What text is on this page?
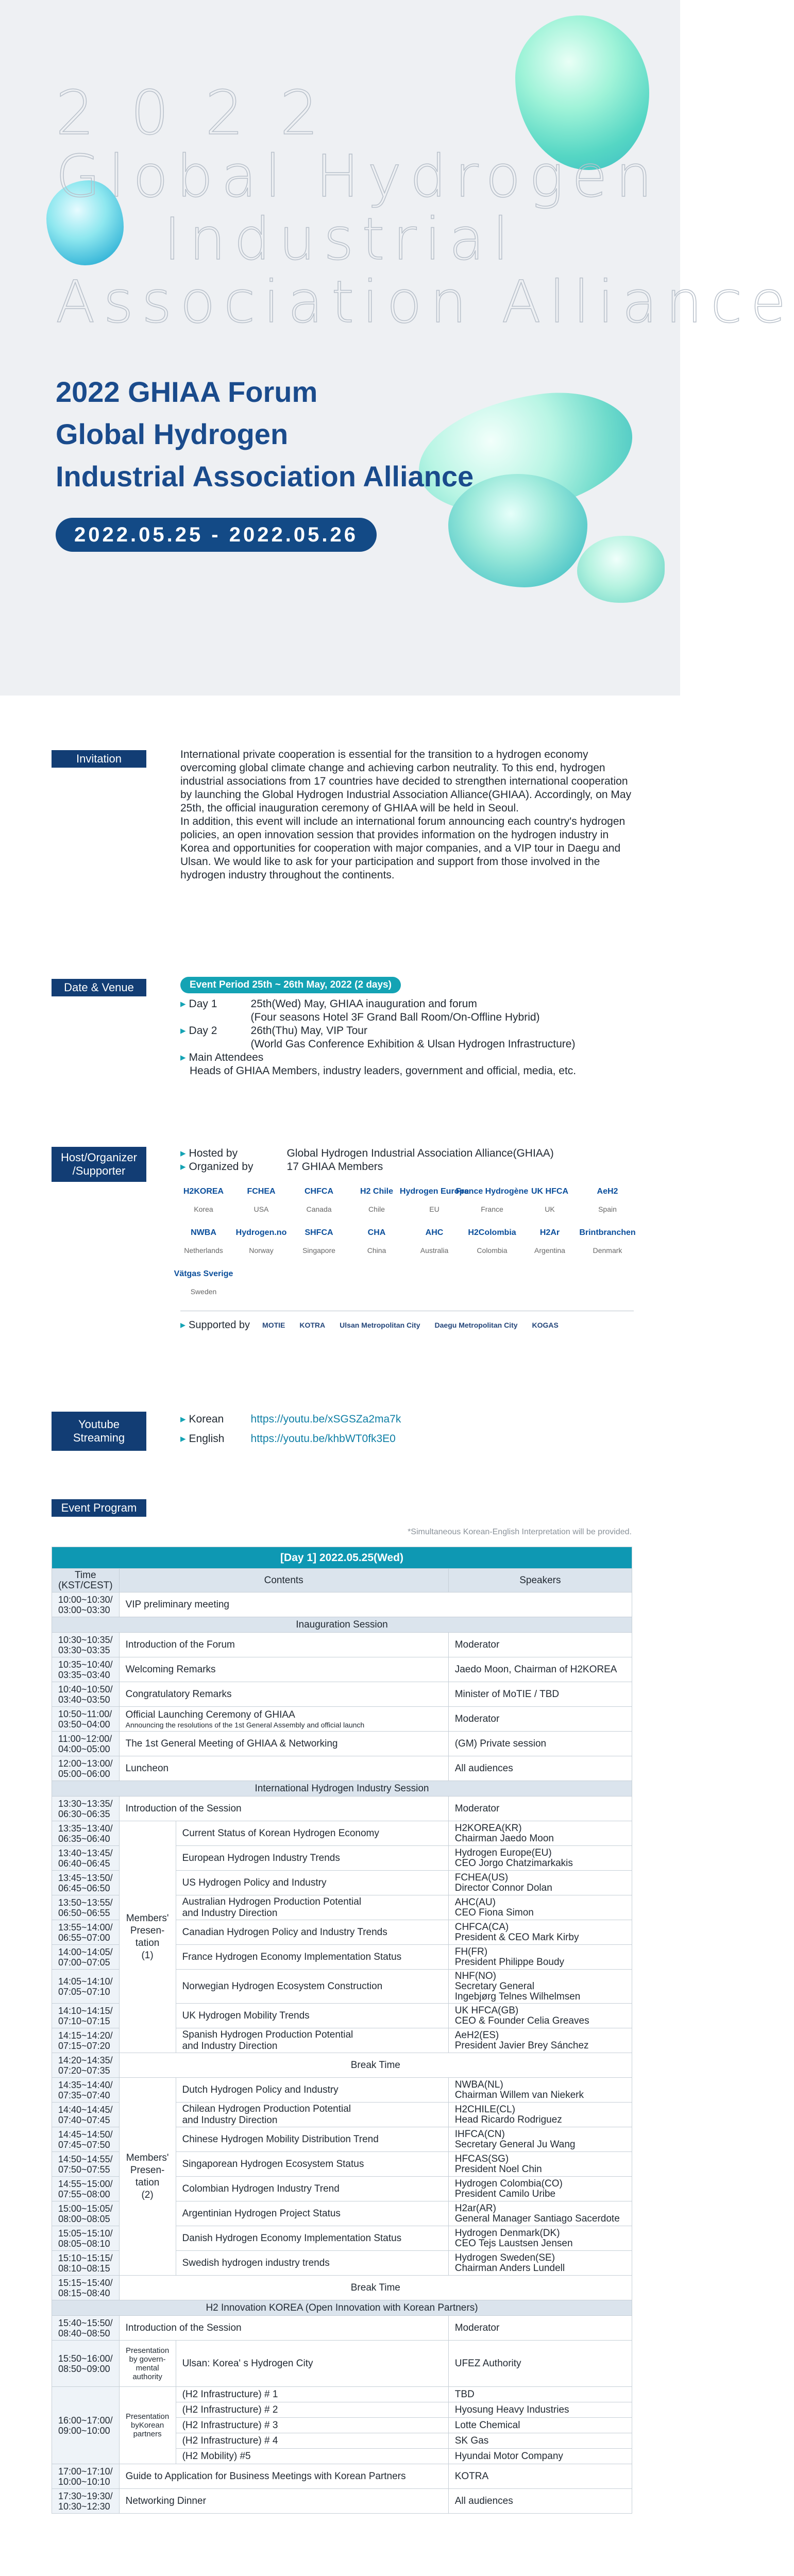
2022
Global Hydrogen
Industrial
Association Alliance
2022 GHIAA Forum
Global Hydrogen
Industrial Association Alliance
2022.05.25 - 2022.05.26
Invitation	International private cooperation is essential for the transition to a hydrogen economy overcoming global climate change and achieving carbon neutrality. To this end, hydrogen industrial associations from 17 countries have decided to strengthen international cooperation by launching the Global Hydrogen Industrial Association Alliance(GHIAA). Accordingly, on May 25th, the official inauguration ceremony of GHIAA will be held in Seoul.

In addition, this event will include an international forum announcing each country's hydrogen policies, an open innovation session that provides information on the hydrogen industry in Korea and opportunities for cooperation with major companies, and a VIP tour in Daegu and Ulsan. We would like to ask for your participation and support from those involved in the hydrogen industry throughout the continents.

Date & Venue	Event Period 25th ~ 26th May, 2022 (2 days)
▸ Day 1	25th(Wed) May, GHIAA inauguration and forum
(Four seasons Hotel 3F Grand Ball Room/On-Offline Hybrid)
▸ Day 2	26th(Thu) May, VIP Tour
(World Gas Conference Exhibition & Ulsan Hydrogen Infrastructure)
▸ Main Attendees
Heads of GHIAA Members, industry leaders, government and official, media, etc.
Host/Organizer
/Supporter
▸ Hosted by	Global Hydrogen Industrial Association Alliance(GHIAA)
▸ Organized by	17 GHIAA Members
H2KOREA
Korea
FCHEA
USA
CHFCA
Canada
H2 Chile
Chile
Hydrogen Europe
EU
France Hydrogène
France
UK HFCA
UK
AeH2
Spain
NWBA
Netherlands
Hydrogen.no
Norway
SHFCA
Singapore
CHA
China
AHC
Australia
H2Colombia
Colombia
H2Ar
Argentina
Brintbranchen
Denmark
Vätgas Sverige
Sweden
▸ Supported by MOTIE KOTRA Ulsan Metropolitan City Daegu Metropolitan City KOGAS
Youtube
Streaming
▸ Korean	https://youtu.be/xSGSZa2ma7k
▸ English	https://youtu.be/khbWT0fk3E0
Event Program
*Simultaneous Korean-English Interpretation will be provided.
[Day 1] 2022.05.25(Wed)			
Time
(KST/CEST)	Contents		Speakers
10:00~10:30/
03:00~03:30	VIP preliminary meeting		
Inauguration Session			
10:30~10:35/
03:30~03:35	Introduction of the Forum		Moderator
10:35~10:40/
03:35~03:40	Welcoming Remarks		Jaedo Moon, Chairman of H2KOREA
10:40~10:50/
03:40~03:50	Congratulatory Remarks		Minister of MoTIE / TBD
10:50~11:00/
03:50~04:00	Official Launching Ceremony of GHIAA
Announcing the resolutions of the 1st General Assembly and official launch		Moderator
11:00~12:00/
04:00~05:00	The 1st General Meeting of GHIAA & Networking		(GM) Private session
12:00~13:00/
05:00~06:00	Luncheon		All audiences
International Hydrogen Industry Session			
13:30~13:35/
06:30~06:35	Introduction of the Session		Moderator
13:35~13:40/
06:35~06:40	Members'
Presen-
tation
(1)	Current Status of Korean Hydrogen Economy	H2KOREA(KR)
Chairman Jaedo Moon
13:40~13:45/
06:40~06:45		European Hydrogen Industry Trends	Hydrogen Europe(EU)
CEO Jorgo Chatzimarkakis
13:45~13:50/
06:45~06:50		US Hydrogen Policy and Industry	FCHEA(US)
Director Connor Dolan
13:50~13:55/
06:50~06:55		Australian Hydrogen Production Potential
and Industry Direction	AHC(AU)
CEO Fiona Simon
13:55~14:00/
06:55~07:00		Canadian Hydrogen Policy and Industry Trends	CHFCA(CA)
President & CEO Mark Kirby
14:00~14:05/
07:00~07:05		France Hydrogen Economy Implementation Status	FH(FR)
President Philippe Boudy
14:05~14:10/
07:05~07:10		Norwegian Hydrogen Ecosystem Construction	NHF(NO)
Secretary General
Ingebjørg Telnes Wilhelmsen
14:10~14:15/
07:10~07:15		UK Hydrogen Mobility Trends	UK HFCA(GB)
CEO & Founder Celia Greaves
14:15~14:20/
07:15~07:20		Spanish Hydrogen Production Potential
and Industry Direction	AeH2(ES)
President Javier Brey Sánchez
14:20~14:35/
07:20~07:35	Break Time		
14:35~14:40/
07:35~07:40	Members'
Presen-
tation
(2)	Dutch Hydrogen Policy and Industry	NWBA(NL)
Chairman Willem van Niekerk
14:40~14:45/
07:40~07:45		Chilean Hydrogen Production Potential
and Industry Direction	H2CHILE(CL)
Head Ricardo Rodriguez
14:45~14:50/
07:45~07:50		Chinese Hydrogen Mobility Distribution Trend	IHFCA(CN)
Secretary General Ju Wang
14:50~14:55/
07:50~07:55		Singaporean Hydrogen Ecosystem Status	HFCAS(SG)
President Noel Chin
14:55~15:00/
07:55~08:00		Colombian Hydrogen Industry Trend	Hydrogen Colombia(CO)
President Camilo Uribe
15:00~15:05/
08:00~08:05		Argentinian Hydrogen Project Status	H2ar(AR)
General Manager Santiago Sacerdote
15:05~15:10/
08:05~08:10		Danish Hydrogen Economy Implementation Status	Hydrogen Denmark(DK)
CEO Tejs Laustsen Jensen
15:10~15:15/
08:10~08:15		Swedish hydrogen industry trends	Hydrogen Sweden(SE)
Chairman Anders Lundell
15:15~15:40/
08:15~08:40	Break Time		
H2 Innovation KOREA (Open Innovation with Korean Partners)			
15:40~15:50/
08:40~08:50	Introduction of the Session		Moderator
15:50~16:00/
08:50~09:00	Presentation
by govern-
mental
authority	Ulsan: Korea' s Hydrogen City	UFEZ Authority
16:00~17:00/
09:00~10:00	Presentation
byKorean
partners	(H2 Infrastructure) # 1	TBD
		(H2 Infrastructure) # 2	Hyosung Heavy Industries
		(H2 Infrastructure) # 3	Lotte Chemical
		(H2 Infrastructure) # 4	SK Gas
		(H2 Mobility) #5	Hyundai Motor Company
17:00~17:10/
10:00~10:10	Guide to Application for Business Meetings with Korean Partners		KOTRA
17:30~19:30/
10:30~12:30	Networking Dinner		All audiences
